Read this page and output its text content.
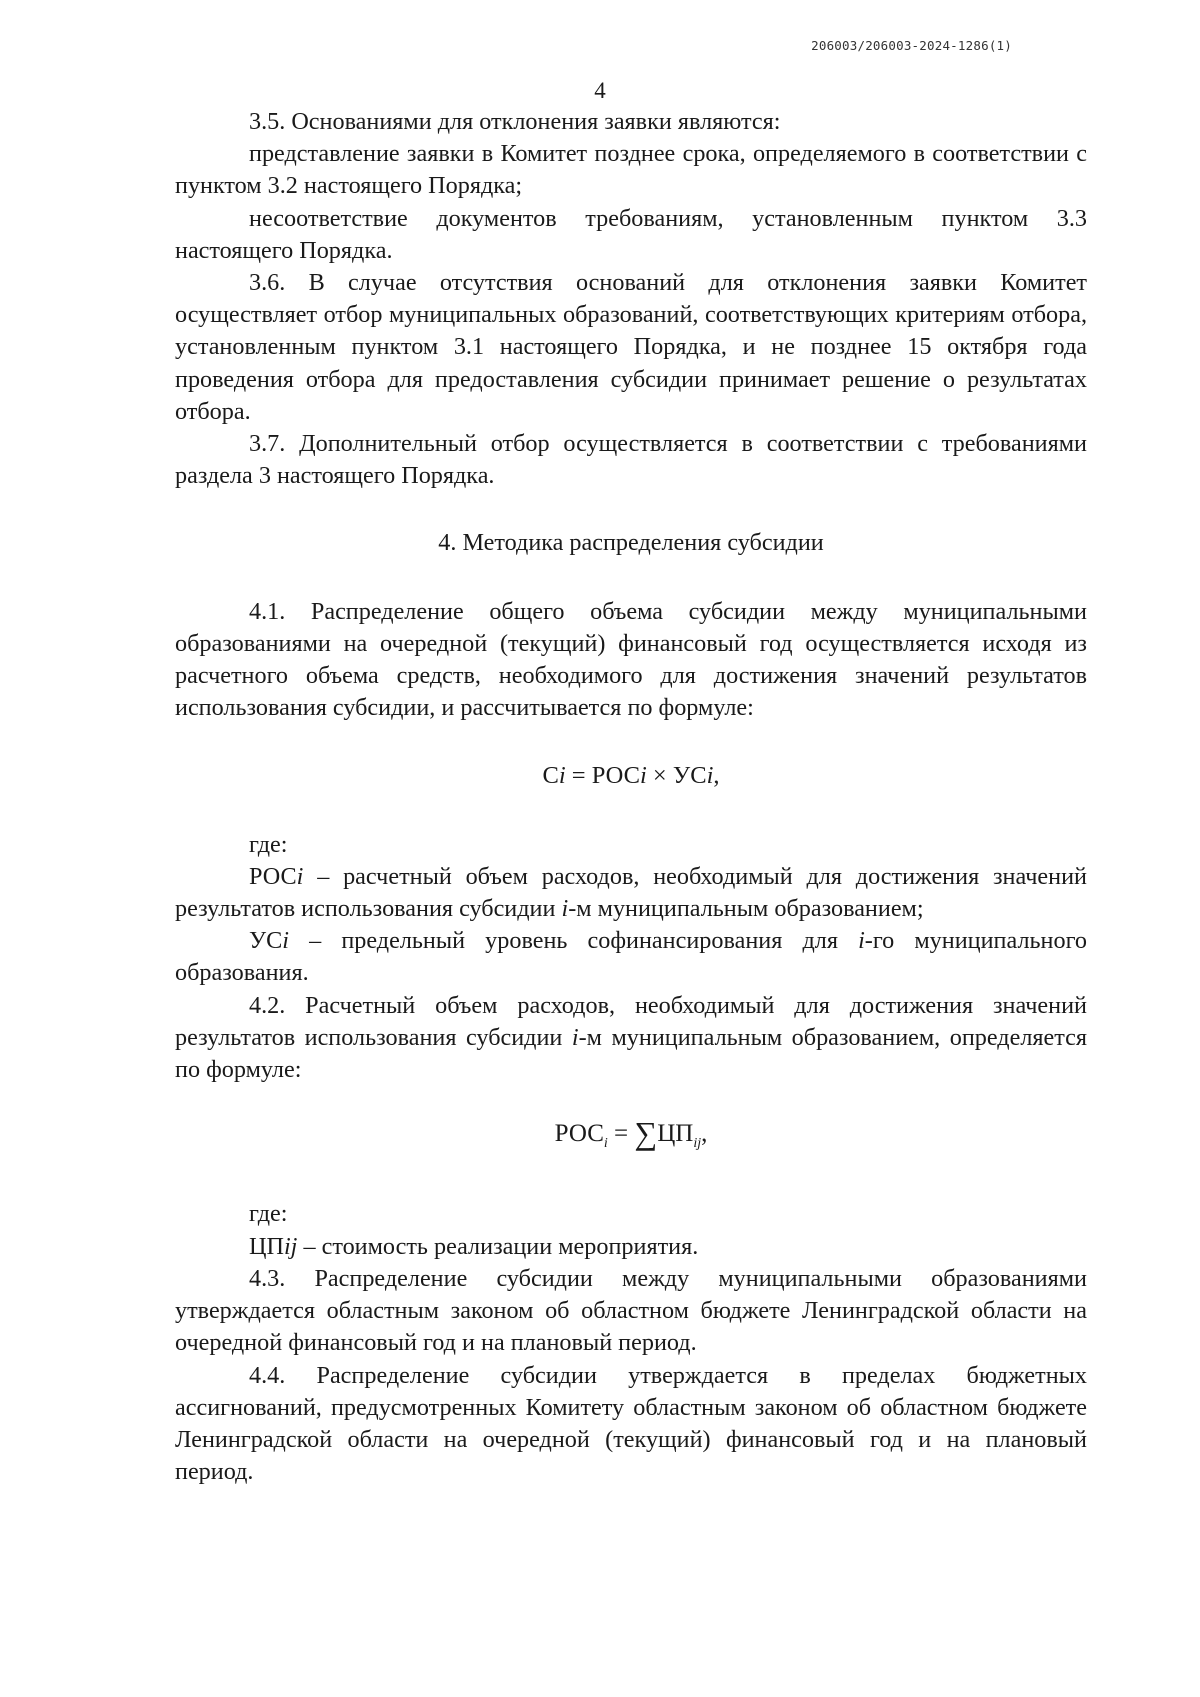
206003/206003-2024-1286(1)
4

3.5. Основаниями для отклонения заявки являются:

представление заявки в Комитет позднее срока, определяемого в соответствии с пунктом 3.2 настоящего Порядка;

несоответствие документов требованиям, установленным пунктом 3.3 настоящего Порядка.

3.6. В случае отсутствия оснований для отклонения заявки Комитет осуществляет отбор муниципальных образований, соответствующих критериям отбора, установленным пунктом 3.1 настоящего Порядка, и не позднее 15 октября года проведения отбора для предоставления субсидии принимает решение о результатах отбора.

3.7. Дополнительный отбор осуществляется в соответствии с требованиями раздела 3 настоящего Порядка.

4. Методика распределения субсидии

4.1. Распределение общего объема субсидии между муниципальными образованиями на очередной (текущий) финансовый год осуществляется исходя из расчетного объема средств, необходимого для достижения значений результатов использования субсидии, и рассчитывается по формуле:

Сi = РОСi × УСi,

где:

РОСi – расчетный объем расходов, необходимый для достижения значений результатов использования субсидии i-м муниципальным образованием;

УСi – предельный уровень софинансирования для i-го муниципального образования.

4.2. Расчетный объем расходов, необходимый для достижения значений результатов использования субсидии i-м муниципальным образованием, определяется по формуле:

$РОС_i = \sum ЦП_{ij}$,

где:

ЦПij – стоимость реализации мероприятия.

4.3. Распределение субсидии между муниципальными образованиями утверждается областным законом об областном бюджете Ленинградской области на очередной финансовый год и на плановый период.

4.4. Распределение субсидии утверждается в пределах бюджетных ассигнований, предусмотренных Комитету областным законом об областном бюджете Ленинградской области на очередной (текущий) финансовый год и на плановый период.
